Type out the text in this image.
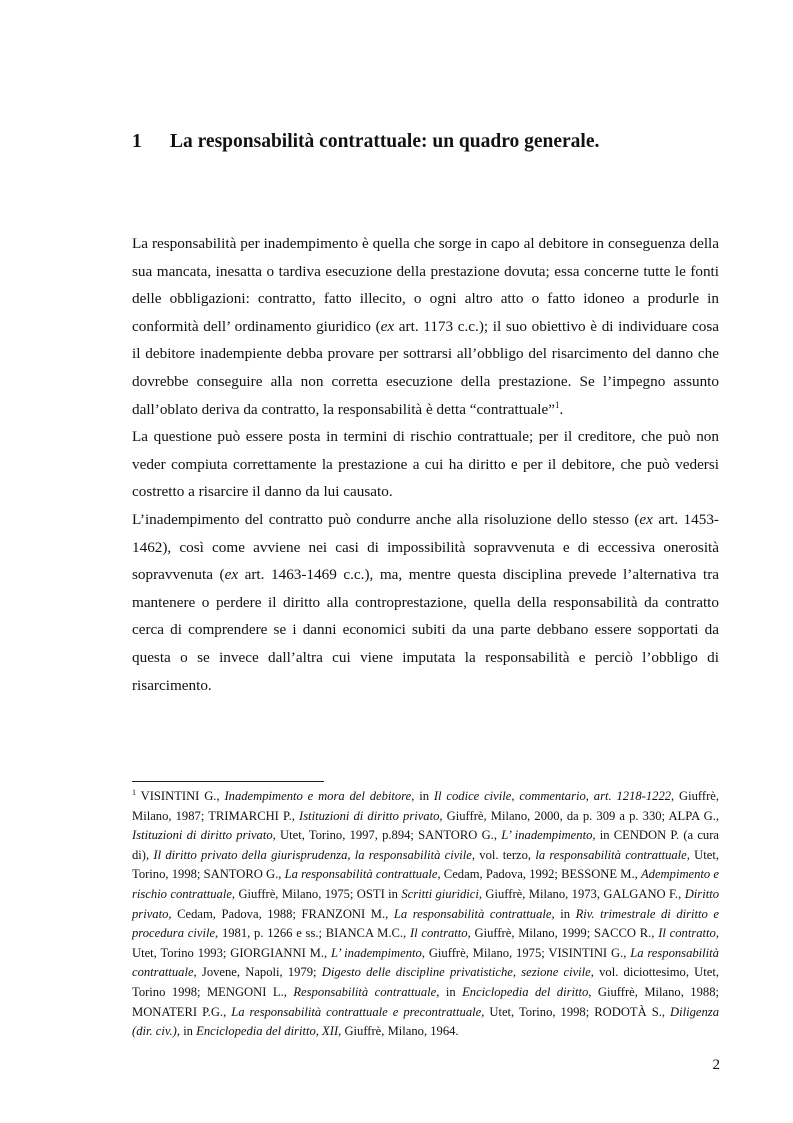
1 La responsabilità contrattuale: un quadro generale.

La responsabilità per inadempimento è quella che sorge in capo al debitore in conseguenza della sua mancata, inesatta o tardiva esecuzione della prestazione dovuta; essa concerne tutte le fonti delle obbligazioni: contratto, fatto illecito, o ogni altro atto o fatto idoneo a produrle in conformità dell’ ordinamento giuridico (ex art. 1173 c.c.); il suo obiettivo è di individuare cosa il debitore inadempiente debba provare per sottrarsi all’obbligo del risarcimento del danno che dovrebbe conseguire alla non corretta esecuzione della prestazione. Se l’impegno assunto dall’oblato deriva da contratto, la responsabilità è detta “contrattuale”$^1$.

La questione può essere posta in termini di rischio contrattuale; per il creditore, che può non veder compiuta correttamente la prestazione a cui ha diritto e per il debitore, che può vedersi costretto a risarcire il danno da lui causato.

L’inadempimento del contratto può condurre anche alla risoluzione dello stesso (ex art. 1453-1462), così come avviene nei casi di impossibilità sopravvenuta e di eccessiva onerosità sopravvenuta (ex art. 1463-1469 c.c.), ma, mentre questa disciplina prevede l’alternativa tra mantenere o perdere il diritto alla controprestazione, quella della responsabilità da contratto cerca di comprendere se i danni economici subiti da una parte debbano essere sopportati da questa o se invece dall’altra cui viene imputata la responsabilità e perciò l’obbligo di risarcimento.

$^1$ VISINTINI G., Inadempimento e mora del debitore, in Il codice civile, commentario, art. 1218-1222, Giuffrè, Milano, 1987; TRIMARCHI P., Istituzioni di diritto privato, Giuffrè, Milano, 2000, da p. 309 a p. 330; ALPA G., Istituzioni di diritto privato, Utet, Torino, 1997, p.894; SANTORO G., L’ inadempimento, in CENDON P. (a cura di), Il diritto privato della giurisprudenza, la responsabilità civile, vol. terzo, la responsabilità contrattuale, Utet, Torino, 1998; SANTORO G., La responsabilità contrattuale, Cedam, Padova, 1992; BESSONE M., Adempimento e rischio contrattuale, Giuffrè, Milano, 1975; OSTI in Scritti giuridici, Giuffrè, Milano, 1973, GALGANO F., Diritto privato, Cedam, Padova, 1988; FRANZONI M., La responsabilità contrattuale, in Riv. trimestrale di diritto e procedura civile, 1981, p. 1266 e ss.; BIANCA M.C., Il contratto, Giuffrè, Milano, 1999; SACCO R., Il contratto, Utet, Torino 1993; GIORGIANNI M., L’ inadempimento, Giuffrè, Milano, 1975; VISINTINI G., La responsabilità contrattuale, Jovene, Napoli, 1979; Digesto delle discipline privatistiche, sezione civile, vol. diciottesimo, Utet, Torino 1998; MENGONI L., Responsabilità contrattuale, in Enciclopedia del diritto, Giuffrè, Milano, 1988; MONATERI P.G., La responsabilità contrattuale e precontrattuale, Utet, Torino, 1998; RODOTÀ S., Diligenza (dir. civ.), in Enciclopedia del diritto, XII, Giuffrè, Milano, 1964.
2
